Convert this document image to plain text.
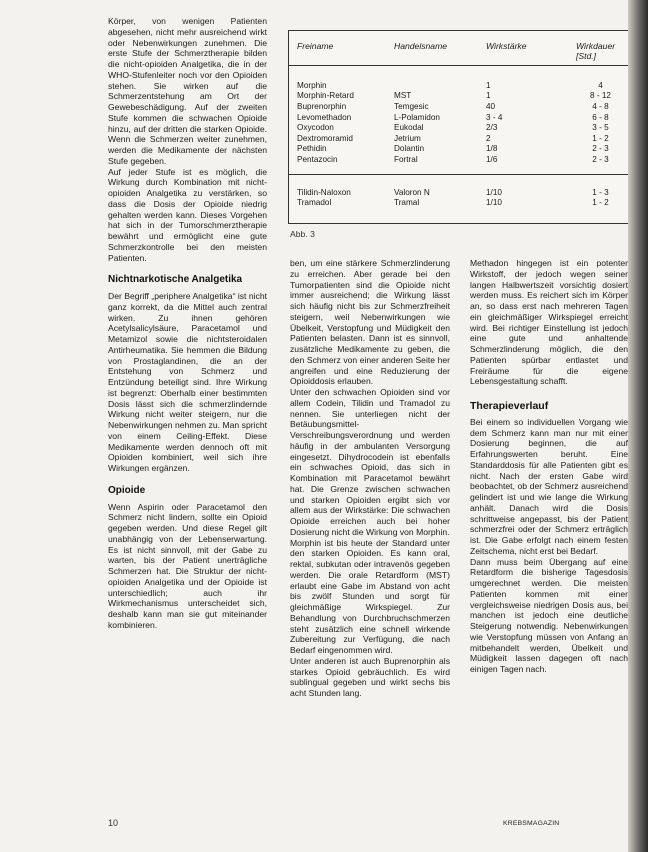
Körper, von wenigen Patienten abgesehen, nicht mehr ausreichend wirkt oder Nebenwirkungen zunehmen. Die erste Stufe der Schmerztherapie bilden die nicht-opioiden Analgetika, die in der WHO-Stufenleiter noch vor den Opioiden stehen. Sie wirken auf die Schmerzentstehung am Ort der Gewebeschädigung. Auf der zweiten Stufe kommen die schwachen Opioide hinzu, auf der dritten die starken Opioide. Wenn die Schmerzen weiter zunehmen, werden die Medikamente der nächsten Stufe gegeben.

Auf jeder Stufe ist es möglich, die Wirkung durch Kombination mit nicht-opioiden Analgetika zu verstärken, so dass die Dosis der Opioide niedrig gehalten werden kann. Dieses Vorgehen hat sich in der Tumorschmerztherapie bewährt und ermöglicht eine gute Schmerzkontrolle bei den meisten Patienten.

Nichtnarkotische Analgetika

Der Begriff „periphere Analgetika“ ist nicht ganz korrekt, da die Mittel auch zentral wirken. Zu ihnen gehören Acetylsalicylsäure, Paracetamol und Metamizol sowie die nichtsteroidalen Antirheumatika. Sie hemmen die Bildung von Prostaglandinen, die an der Entstehung von Schmerz und Entzündung beteiligt sind. Ihre Wirkung ist begrenzt: Oberhalb einer bestimmten Dosis lässt sich die schmerzlindernde Wirkung nicht weiter steigern, nur die Nebenwirkungen nehmen zu. Man spricht von einem Ceiling-Effekt. Diese Medikamente werden dennoch oft mit Opioiden kombiniert, weil sich ihre Wirkungen ergänzen.

Opioide

Wenn Aspirin oder Paracetamol den Schmerz nicht lindern, sollte ein Opioid gegeben werden. Und diese Regel gilt unabhängig von der Lebenserwartung. Es ist nicht sinnvoll, mit der Gabe zu warten, bis der Patient unerträgliche Schmerzen hat. Die Struktur der nicht-opioiden Analgetika und der Opioide ist unterschiedlich; auch ihr Wirkmechanismus unterscheidet sich, deshalb kann man sie gut miteinander kombinieren.

Freiname	Handelsname	Wirkstärke	Wirkdauer [Std.]
Morphin		1	4
Morphin-Retard	MST	1	8 - 12
Buprenorphin	Temgesic	40	4 - 8
Levomethadon	L-Polamidon	3 - 4	6 - 8
Oxycodon	Eukodal	2/3	3 - 5
Dextromoramid	Jetrium	2	1 - 2
Pethidin	Dolantin	1/8	2 - 3
Pentazocin	Fortral	1/6	2 - 3
Tilidin-Naloxon	Valoron N	1/10	1 - 3
Tramadol	Tramal	1/10	1 - 2
Abb. 3

ben, um eine stärkere Schmerzlinderung zu erreichen. Aber gerade bei den Tumorpatienten sind die Opioide nicht immer ausreichend; die Wirkung lässt sich häufig nicht bis zur Schmerzfreiheit steigern, weil Nebenwirkungen wie Übelkeit, Verstopfung und Müdigkeit den Patienten belasten. Dann ist es sinnvoll, zusätzliche Medikamente zu geben, die den Schmerz von einer anderen Seite her angreifen und eine Reduzierung der Opioiddosis erlauben.

Unter den schwachen Opioiden sind vor allem Codein, Tilidin und Tramadol zu nennen. Sie unterliegen nicht der Betäubungsmittel-Verschreibungsverordnung und werden häufig in der ambulanten Versorgung eingesetzt. Dihydrocodein ist ebenfalls ein schwaches Opioid, das sich in Kombination mit Paracetamol bewährt hat. Die Grenze zwischen schwachen und starken Opioiden ergibt sich vor allem aus der Wirkstärke: Die schwachen Opioide erreichen auch bei hoher Dosierung nicht die Wirkung von Morphin.

Morphin ist bis heute der Standard unter den starken Opioiden. Es kann oral, rektal, subkutan oder intravenös gegeben werden. Die orale Retardform (MST) erlaubt eine Gabe im Abstand von acht bis zwölf Stunden und sorgt für gleichmäßige Wirkspiegel. Zur Behandlung von Durchbruchschmerzen steht zusätzlich eine schnell wirkende Zubereitung zur Verfügung, die nach Bedarf eingenommen wird.

Unter anderen ist auch Buprenorphin als starkes Opioid gebräuchlich. Es wird sublingual gegeben und wirkt sechs bis acht Stunden lang.

Methadon hingegen ist ein potenter Wirkstoff, der jedoch wegen seiner langen Halbwertszeit vorsichtig dosiert werden muss. Es reichert sich im Körper an, so dass erst nach mehreren Tagen ein gleichmäßiger Wirkspiegel erreicht wird. Bei richtiger Einstellung ist jedoch eine gute und anhaltende Schmerzlinderung möglich, die den Patienten spürbar entlastet und Freiräume für die eigene Lebensgestaltung schafft.

Therapieverlauf

Bei einem so individuellen Vorgang wie dem Schmerz kann man nur mit einer Dosierung beginnen, die auf Erfahrungswerten beruht. Eine Standarddosis für alle Patienten gibt es nicht. Nach der ersten Gabe wird beobachtet, ob der Schmerz ausreichend gelindert ist und wie lange die Wirkung anhält. Danach wird die Dosis schrittweise angepasst, bis der Patient schmerzfrei oder der Schmerz erträglich ist. Die Gabe erfolgt nach einem festen Zeitschema, nicht erst bei Bedarf.

Dann muss beim Übergang auf eine Retardform die bisherige Tagesdosis umgerechnet werden. Die meisten Patienten kommen mit einer vergleichsweise niedrigen Dosis aus, bei manchen ist jedoch eine deutliche Steigerung notwendig. Nebenwirkungen wie Verstopfung müssen von Anfang an mitbehandelt werden, Übelkeit und Müdigkeit lassen dagegen oft nach einigen Tagen nach.

10	KREBSMAGAZIN
